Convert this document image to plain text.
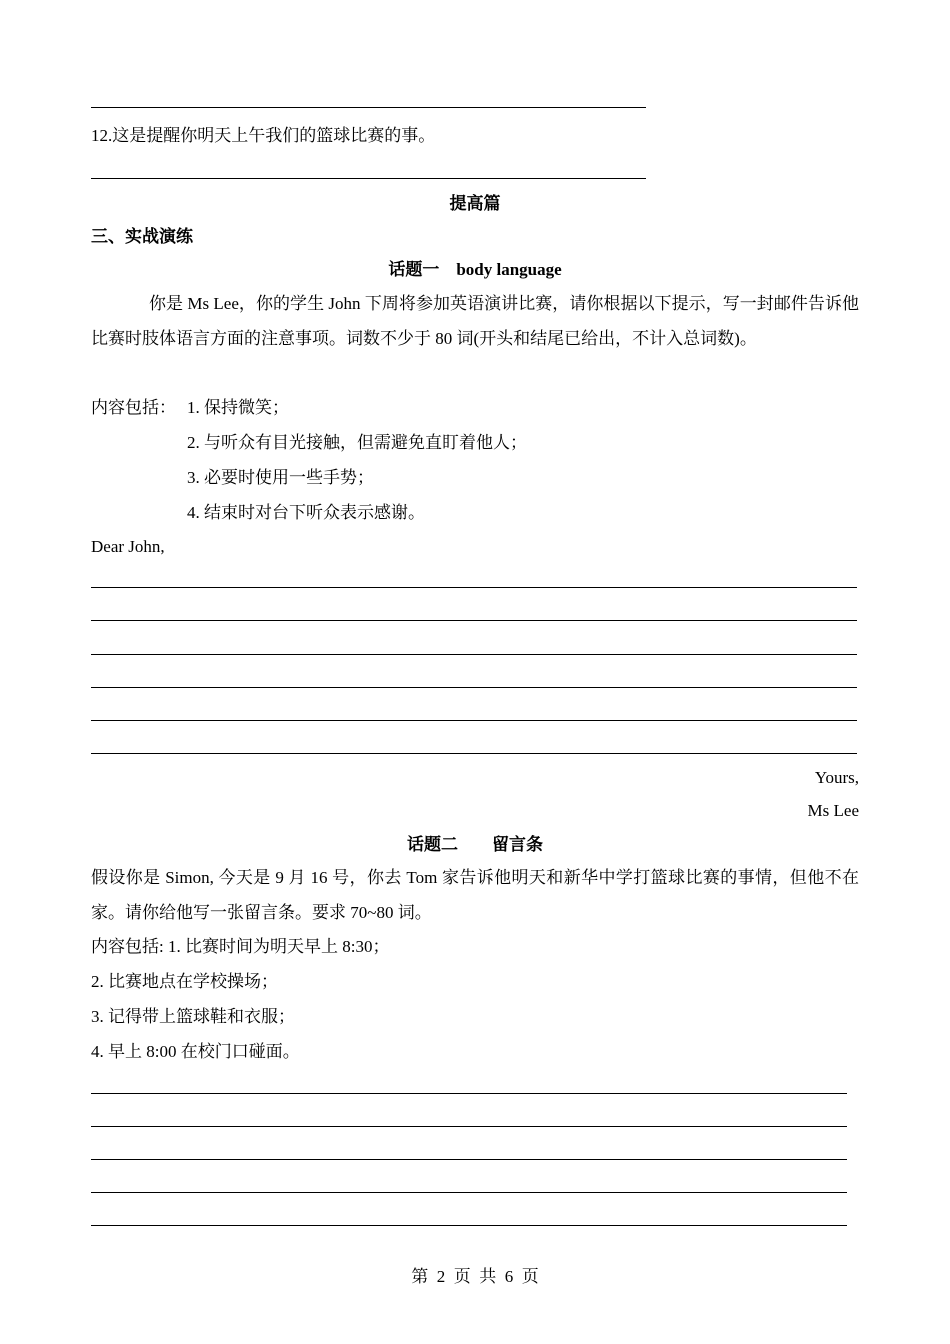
12.这是提醒你明天上午我们的篮球比赛的事。
提高篇
三、实战演练
话题一　body language
你是 Ms Lee，你的学生 John 下周将参加英语演讲比赛，请你根据以下提示，写一封邮件告诉他比赛时肢体语言方面的注意事项。词数不少于 80 词(开头和结尾已给出，不计入总词数)。
内容包括： 1. 保持微笑；
2. 与听众有目光接触，但需避免直盯着他人；
3. 必要时使用一些手势；
4. 结束时对台下听众表示感谢。
Dear John,
Yours,
Ms Lee
话题二　　留言条
假设你是 Simon, 今天是 9 月 16 号，你去 Tom 家告诉他明天和新华中学打篮球比赛的事情，但他不在家。请你给他写一张留言条。要求 70~80 词。
内容包括: 1. 比赛时间为明天早上 8:30；
2. 比赛地点在学校操场；
3. 记得带上篮球鞋和衣服；
4. 早上 8:00 在校门口碰面。
第  2  页  共  6  页
